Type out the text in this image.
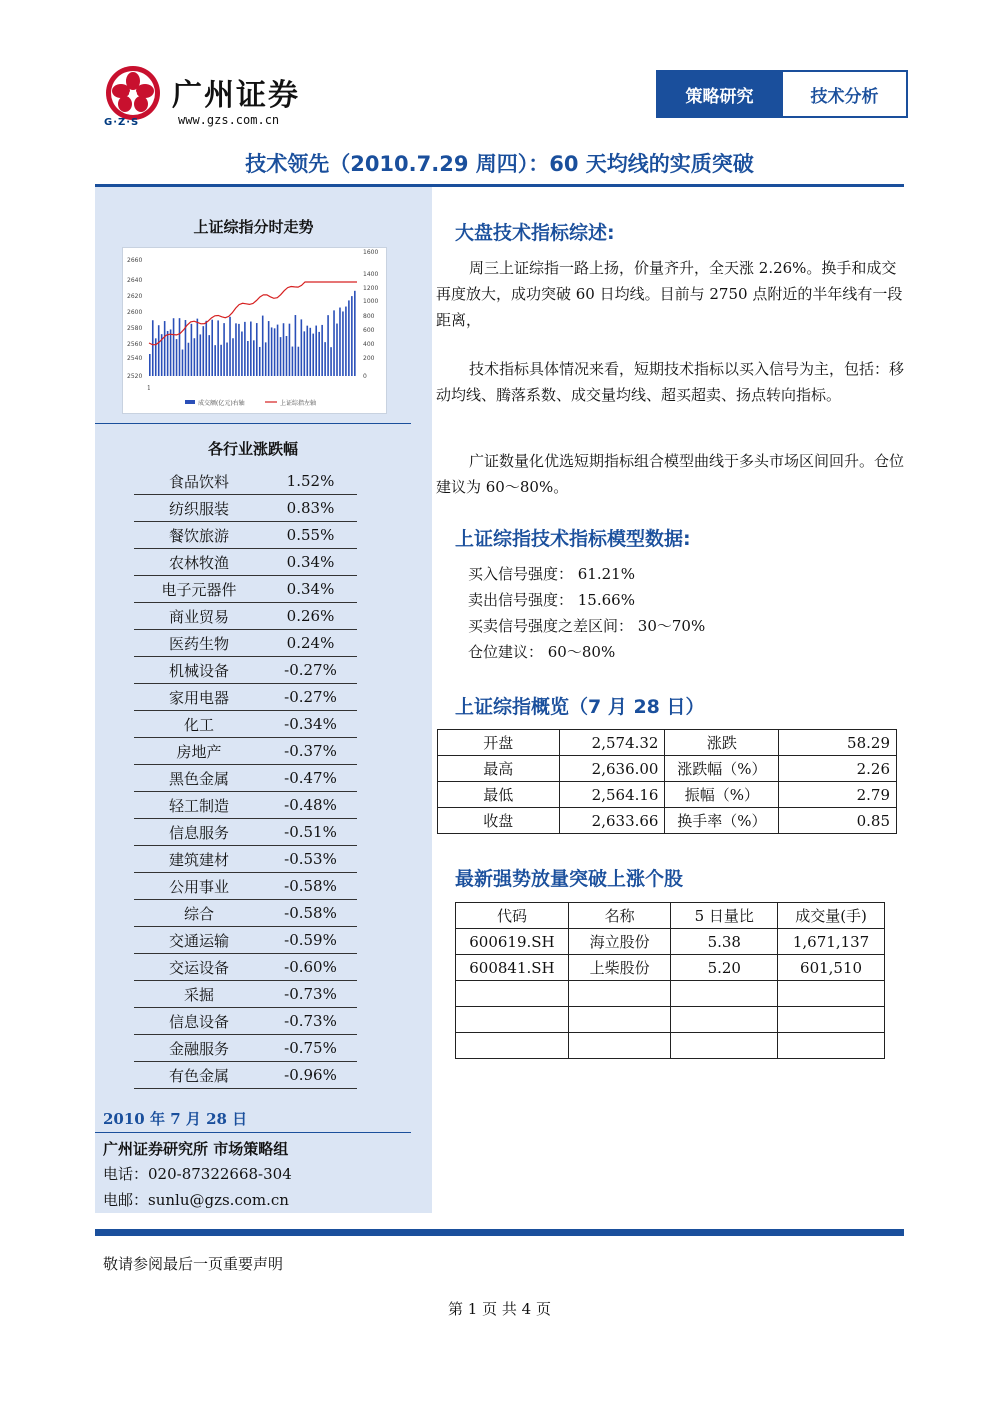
广州证券
G·Z·S	www.gzs.com.cn
策略研究	技术分析
技术领先（2010.7.29 周四）：60 天均线的实质突破
上证综指分时走势
2660
2640
2620
2600
2580
2560
2540
2520
1600
1400
1200
1000
800
600
400
200
0
1
成交额(亿元)右轴	上证综指左轴
各行业涨跌幅
食品饮料	1.52%
纺织服装	0.83%
餐饮旅游	0.55%
农林牧渔	0.34%
电子元器件	0.34%
商业贸易	0.26%
医药生物	0.24%
机械设备	-0.27%
家用电器	-0.27%
化工	-0.34%
房地产	-0.37%
黑色金属	-0.47%
轻工制造	-0.48%
信息服务	-0.51%
建筑建材	-0.53%
公用事业	-0.58%
综合	-0.58%
交通运输	-0.59%
交运设备	-0.60%
采掘	-0.73%
信息设备	-0.73%
金融服务	-0.75%
有色金属	-0.96%
2010 年 7 月 28 日
广州证券研究所 市场策略组
电话：020-87322668-304
电邮：sunlu@gzs.com.cn
大盘技术指标综述:
周三上证综指一路上扬，价量齐升，全天涨 2.26%。换手和成交再度放大，成功突破 60 日均线。目前与 2750 点附近的半年线有一段距离，
技术指标具体情况来看，短期技术指标以买入信号为主，包括：移动均线、腾落系数、成交量均线、超买超卖、扬点转向指标。
广证数量化优选短期指标组合模型曲线于多头市场区间回升。仓位建议为 60～80%。
上证综指技术指标模型数据:
买入信号强度： 61.21%
卖出信号强度： 15.66%
买卖信号强度之差区间： 30～70%
仓位建议： 60～80%
上证综指概览（7 月 28 日）
开盘	2,574.32	涨跌	58.29
最高	2,636.00	涨跌幅（%）	2.26
最低	2,564.16	振幅（%）	2.79
收盘	2,633.66	换手率（%）	0.85
最新强势放量突破上涨个股
代码	名称	5 日量比	成交量(手)
600619.SH	海立股份	5.38	1,671,137
600841.SH	上柴股份	5.20	601,510

敬请参阅最后一页重要声明
第 1 页 共 4 页
